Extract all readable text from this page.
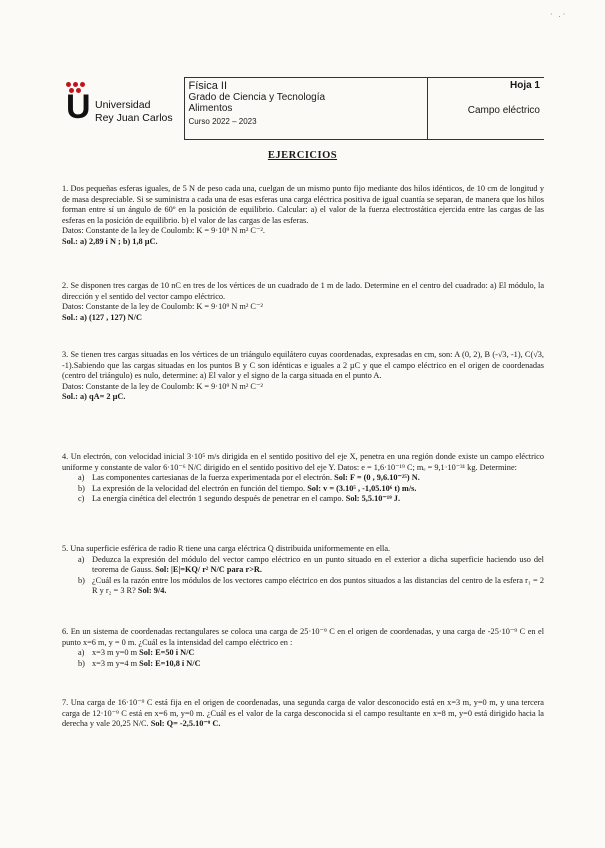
· .·
U Universidad
Rey Juan Carlos

Física II
Grado de Ciencia y Tecnología
Alimentos
Curso 2022 – 2023

Hoja 1
Campo eléctrico
EJERCICIOS

1. Dos pequeñas esferas iguales, de 5 N de peso cada una, cuelgan de un mismo punto fijo mediante dos hilos idénticos, de 10 cm de longitud y de masa despreciable. Si se suministra a cada una de esas esferas una carga eléctrica positiva de igual cuantía se separan, de manera que los hilos forman entre sí un ángulo de 60º en la posición de equilibrio. Calcular: a) el valor de la fuerza electrostática ejercida entre las cargas de las esferas en la posición de equilibrio. b) el valor de las cargas de las esferas.

Datos: Constante de la ley de Coulomb: K = 9·10⁹ N m² C⁻².

Sol.: a) 2,89 i N ; b) 1,8 µC.

2. Se disponen tres cargas de 10 nC en tres de los vértices de un cuadrado de 1 m de lado. Determine en el centro del cuadrado: a) El módulo, la dirección y el sentido del vector campo eléctrico.

Datos: Constante de la ley de Coulomb: K = 9·10⁹ N m² C⁻²

Sol.: a) (127 , 127) N/C

3. Se tienen tres cargas situadas en los vértices de un triángulo equilátero cuyas coordenadas, expresadas en cm, son: A (0, 2), B (-√3, -1), C(√3, -1).Sabiendo que las cargas situadas en los puntos B y C son idénticas e iguales a 2 µC y que el campo eléctrico en el origen de coordenadas (centro del triángulo) es nulo, determine: a) El valor y el signo de la carga situada en el punto A.

Datos: Constante de la ley de Coulomb: K = 9·10⁹ N m² C⁻²

Sol.: a) qA= 2 µC.

4. Un electrón, con velocidad inicial 3·10⁵ m/s dirigida en el sentido positivo del eje X, penetra en una región donde existe un campo eléctrico uniforme y constante de valor 6·10⁻⁶ N/C dirigido en el sentido positivo del eje Y. Datos: e = 1,6·10⁻¹⁹ C; mₑ = 9,1·10⁻³¹ kg. Determine:

a) Las componentes cartesianas de la fuerza experimentada por el electrón. Sol: F = (0 , 9,6.10⁻²⁵) N.
b) La expresión de la velocidad del electrón en función del tiempo. Sol: v = (3.10⁵ , -1,05.10⁶ t) m/s.
c) La energía cinética del electrón 1 segundo después de penetrar en el campo. Sol: 5,5.10⁻¹⁹ J.

5. Una superficie esférica de radio R tiene una carga eléctrica Q distribuida uniformemente en ella.

a) Deduzca la expresión del módulo del vector campo eléctrico en un punto situado en el exterior a dicha superficie haciendo uso del teorema de Gauss. Sol: |E|=KQ/ r² N/C para r>R.
b) ¿Cuál es la razón entre los módulos de los vectores campo eléctrico en dos puntos situados a las distancias del centro de la esfera r₁ = 2 R y r₂ = 3 R? Sol: 9/4.

6. En un sistema de coordenadas rectangulares se coloca una carga de 25·10⁻⁹ C en el origen de coordenadas, y una carga de -25·10⁻⁹ C en el punto x=6 m, y = 0 m. ¿Cuál es la intensidad del campo eléctrico en :

a) x=3 m y=0 m Sol: E=50 i N/C
b) x=3 m y=4 m Sol: E=10,8 i N/C

7. Una carga de 16·10⁻⁹ C está fija en el origen de coordenadas, una segunda carga de valor desconocido está en x=3 m, y=0 m, y una tercera carga de 12·10⁻⁹ C está en x=6 m, y=0 m. ¿Cuál es el valor de la carga desconocida si el campo resultante en x=8 m, y=0 está dirigido hacia la derecha y vale 20,25 N/C. Sol: Q= -2,5.10⁻⁹ C.
